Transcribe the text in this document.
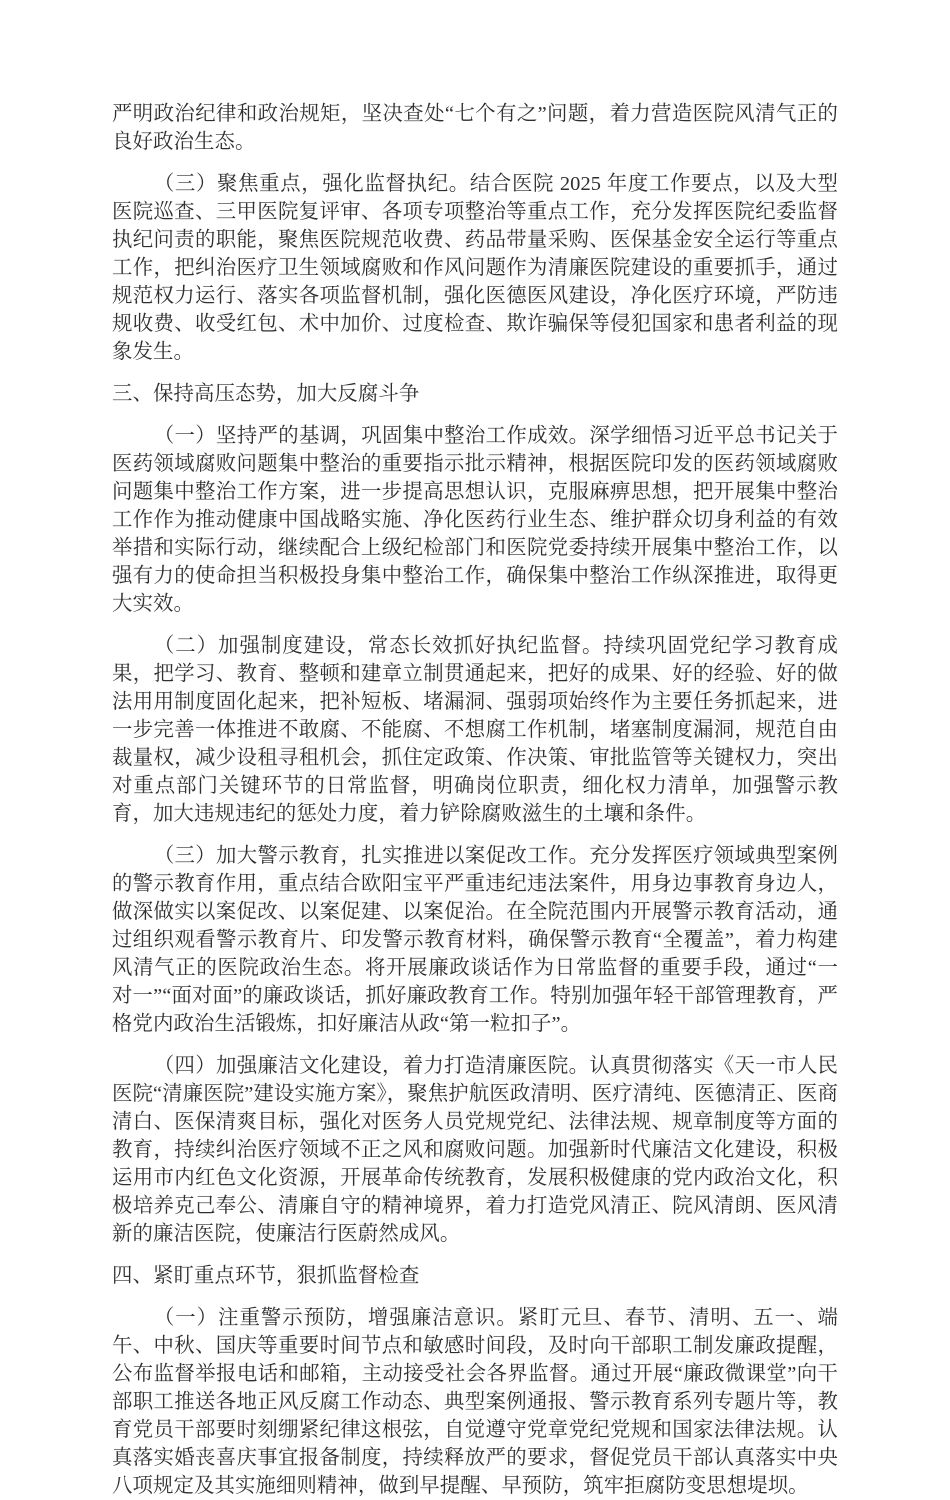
严明政治纪律和政治规矩，坚决查处“七个有之”问题，着力营造医院风清气正的良好政治生态。

（三）聚焦重点，强化监督执纪。结合医院 2025 年度工作要点，以及大型医院巡查、三甲医院复评审、各项专项整治等重点工作，充分发挥医院纪委监督执纪问责的职能，聚焦医院规范收费、药品带量采购、医保基金安全运行等重点工作，把纠治医疗卫生领域腐败和作风问题作为清廉医院建设的重要抓手，通过规范权力运行、落实各项监督机制，强化医德医风建设，净化医疗环境，严防违规收费、收受红包、术中加价、过度检查、欺诈骗保等侵犯国家和患者利益的现象发生。

三、保持高压态势，加大反腐斗争

（一）坚持严的基调，巩固集中整治工作成效。深学细悟习近平总书记关于医药领域腐败问题集中整治的重要指示批示精神，根据医院印发的医药领域腐败问题集中整治工作方案，进一步提高思想认识，克服麻痹思想，把开展集中整治工作作为推动健康中国战略实施、净化医药行业生态、维护群众切身利益的有效举措和实际行动，继续配合上级纪检部门和医院党委持续开展集中整治工作，以强有力的使命担当积极投身集中整治工作，确保集中整治工作纵深推进，取得更大实效。

（二）加强制度建设，常态长效抓好执纪监督。持续巩固党纪学习教育成果，把学习、教育、整顿和建章立制贯通起来，把好的成果、好的经验、好的做法用用制度固化起来，把补短板、堵漏洞、强弱项始终作为主要任务抓起来，进一步完善一体推进不敢腐、不能腐、不想腐工作机制，堵塞制度漏洞，规范自由裁量权，减少设租寻租机会，抓住定政策、作决策、审批监管等关键权力，突出对重点部门关键环节的日常监督，明确岗位职责，细化权力清单，加强警示教育，加大违规违纪的惩处力度，着力铲除腐败滋生的土壤和条件。

（三）加大警示教育，扎实推进以案促改工作。充分发挥医疗领域典型案例的警示教育作用，重点结合欧阳宝平严重违纪违法案件，用身边事教育身边人，做深做实以案促改、以案促建、以案促治。在全院范围内开展警示教育活动，通过组织观看警示教育片、印发警示教育材料，确保警示教育“全覆盖”，着力构建风清气正的医院政治生态。将开展廉政谈话作为日常监督的重要手段，通过“一对一”“面对面”的廉政谈话，抓好廉政教育工作。特别加强年轻干部管理教育，严格党内政治生活锻炼，扣好廉洁从政“第一粒扣子”。

（四）加强廉洁文化建设，着力打造清廉医院。认真贯彻落实《天一市人民医院“清廉医院”建设实施方案》，聚焦护航医政清明、医疗清纯、医德清正、医商清白、医保清爽目标，强化对医务人员党规党纪、法律法规、规章制度等方面的教育，持续纠治医疗领域不正之风和腐败问题。加强新时代廉洁文化建设，积极运用市内红色文化资源，开展革命传统教育，发展积极健康的党内政治文化，积极培养克己奉公、清廉自守的精神境界，着力打造党风清正、院风清朗、医风清新的廉洁医院，使廉洁行医蔚然成风。

四、紧盯重点环节，狠抓监督检查

（一）注重警示预防，增强廉洁意识。紧盯元旦、春节、清明、五一、端午、中秋、国庆等重要时间节点和敏感时间段，及时向干部职工制发廉政提醒，公布监督举报电话和邮箱，主动接受社会各界监督。通过开展“廉政微课堂”向干部职工推送各地正风反腐工作动态、典型案例通报、警示教育系列专题片等，教育党员干部要时刻绷紧纪律这根弦，自觉遵守党章党纪党规和国家法律法规。认真落实婚丧喜庆事宜报备制度，持续释放严的要求，督促党员干部认真落实中央八项规定及其实施细则精神，做到早提醒、早预防，筑牢拒腐防变思想堤坝。
